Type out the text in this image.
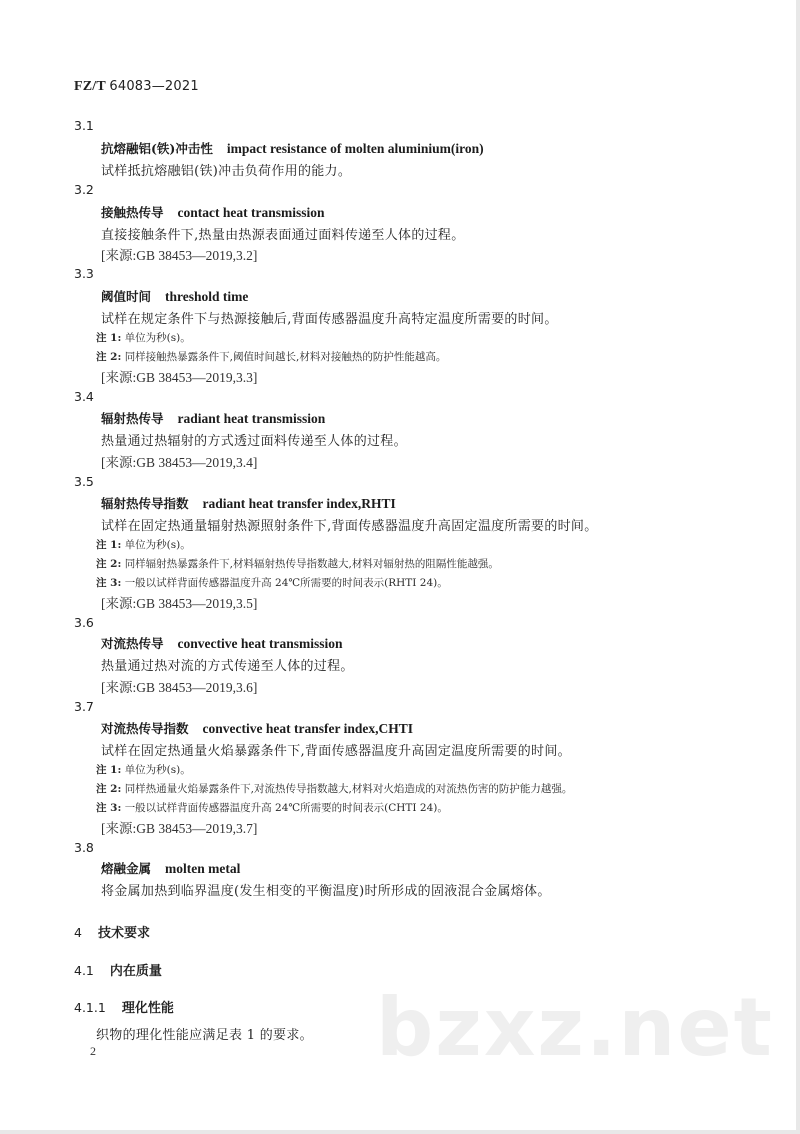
FZ/T 64083—2021
3.1
抗熔融铝(铁)冲击性 impact resistance of molten aluminium(iron)
试样抵抗熔融铝(铁)冲击负荷作用的能力。
3.2
接触热传导 contact heat transmission
直接接触条件下,热量由热源表面通过面料传递至人体的过程。
[来源:GB 38453—2019,3.2]
3.3
阈值时间 threshold time
试样在规定条件下与热源接触后,背面传感器温度升高特定温度所需要的时间。
注 1: 单位为秒(s)。
注 2: 同样接触热暴露条件下,阈值时间越长,材料对接触热的防护性能越高。
[来源:GB 38453—2019,3.3]
3.4
辐射热传导 radiant heat transmission
热量通过热辐射的方式透过面料传递至人体的过程。
[来源:GB 38453—2019,3.4]
3.5
辐射热传导指数 radiant heat transfer index,RHTI
试样在固定热通量辐射热源照射条件下,背面传感器温度升高固定温度所需要的时间。
注 1: 单位为秒(s)。
注 2: 同样辐射热暴露条件下,材料辐射热传导指数越大,材料对辐射热的阻隔性能越强。
注 3: 一般以试样背面传感器温度升高 24℃所需要的时间表示(RHTI 24)。
[来源:GB 38453—2019,3.5]
3.6
对流热传导 convective heat transmission
热量通过热对流的方式传递至人体的过程。
[来源:GB 38453—2019,3.6]
3.7
对流热传导指数 convective heat transfer index,CHTI
试样在固定热通量火焰暴露条件下,背面传感器温度升高固定温度所需要的时间。
注 1: 单位为秒(s)。
注 2: 同样热通量火焰暴露条件下,对流热传导指数越大,材料对火焰造成的对流热伤害的防护能力越强。
注 3: 一般以试样背面传感器温度升高 24℃所需要的时间表示(CHTI 24)。
[来源:GB 38453—2019,3.7]
3.8
熔融金属 molten metal
将金属加热到临界温度(发生相变的平衡温度)时所形成的固液混合金属熔体。
4 技术要求
4.1 内在质量
4.1.1 理化性能
织物的理化性能应满足表 1 的要求。 bzxz.net
2
